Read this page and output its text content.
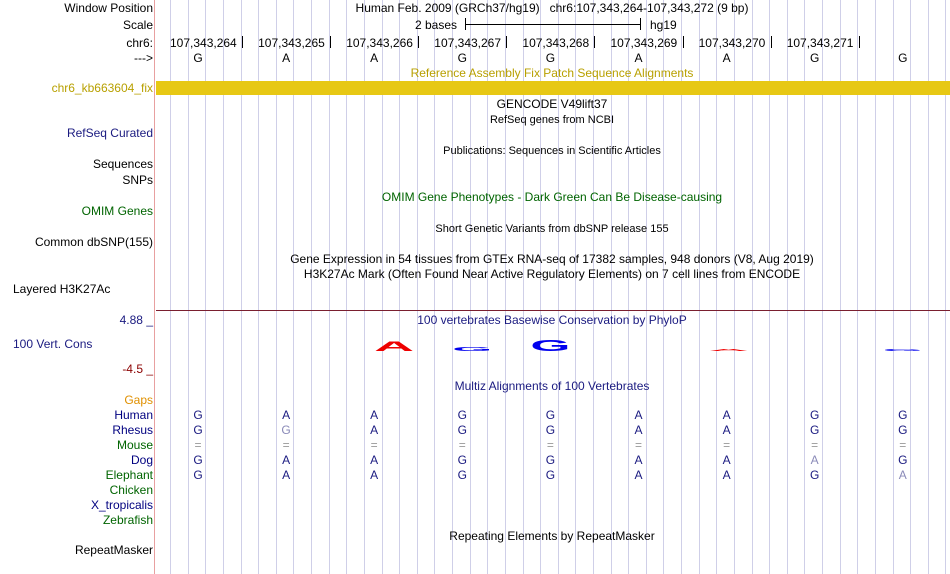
Window Position	Human Feb. 2009 (GRCh37/hg19)   chr6:107,343,264-107,343,272 (9 bp)
Scale	2 bases	hg19
chr6:
--->
Reference Assembly Fix Patch Sequence Alignments
chr6_kb663604_fix
GENCODE V49lift37
RefSeq genes from NCBI
RefSeq Curated
Publications: Sequences in Scientific Articles
Sequences
SNPs
OMIM Gene Phenotypes - Dark Green Can Be Disease-causing
OMIM Genes
Short Genetic Variants from dbSNP release 155
Common dbSNP(155)
Gene Expression in 54 tissues from GTEx RNA-seq of 17382 samples, 948 donors (V8, Aug 2019)
H3K27Ac Mark (Often Found Near Active Regulatory Elements) on 7 cell lines from ENCODE
Layered H3K27Ac
100 vertebrates Basewise Conservation by PhyloP
4.88 _
100 Vert. Cons
-4.5 _
A	G	G	A	G
Multiz Alignments of 100 Vertebrates
Gaps
Repeating Elements by RepeatMasker
RepeatMasker
107,343,264 107,343,265 107,343,266 107,343,267 107,343,268 107,343,269 107,343,270 107,343,271
G	A	A	G	G	A	A	G	G
Human	G	A	A	G	G	A	A	G	G
Rhesus	G	G	A	G	G	A	A	G	G
Mouse	=	=	=	=	=	=	=	=	=
Dog	G	A	A	G	G	A	A	A	G
Elephant	G	A	A	G	G	A	A	G	A
Chicken
X_tropicalis
Zebrafish
